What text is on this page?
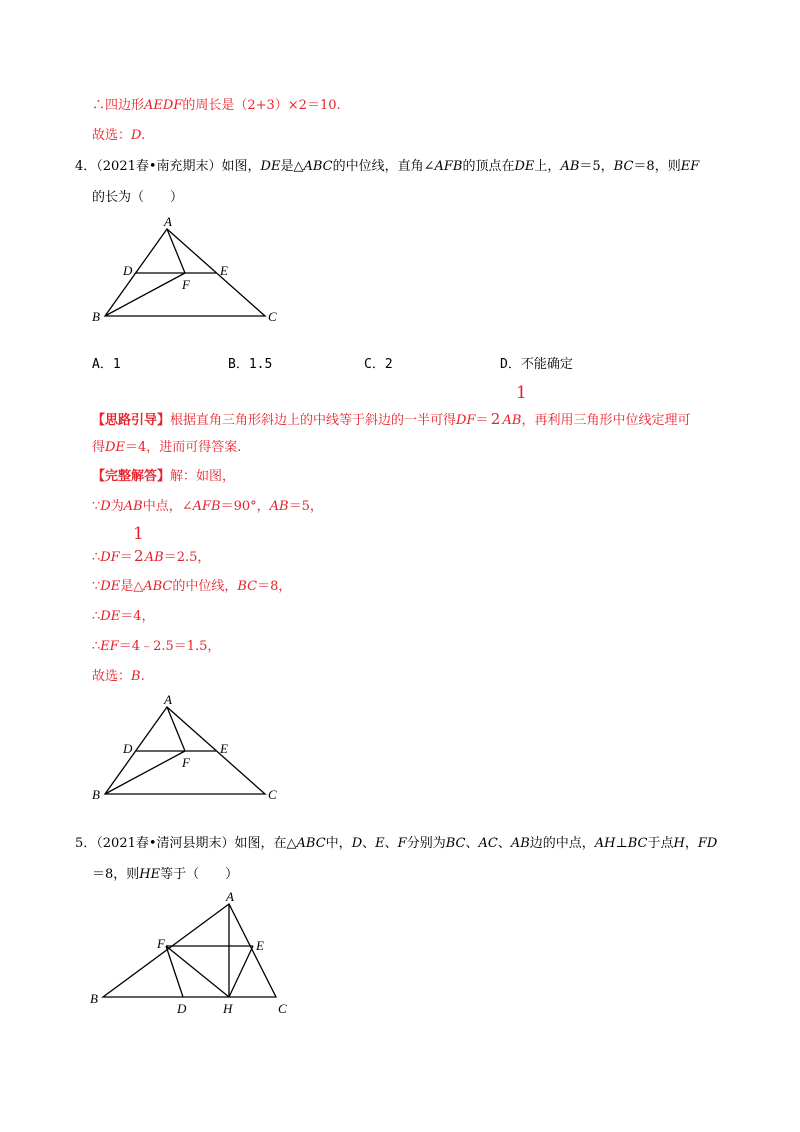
∴四边形AEDF的周长是（2+3）×2＝10.
故选：D.
4．（2021春•南充期末）如图，DE是△ABC的中位线，直角∠AFB的顶点在DE上，AB＝5，BC＝8，则EF
的长为（　　）
A
B	C
D	E
F
A．1	B．1.5	C．2	D．不能确定
1
【思路引导】根据直角三角形斜边上的中线等于斜边的一半可得DF＝ 2 AB，再利用三角形中位线定理可
得DE＝4，进而可得答案.
【完整解答】解：如图，
∵D为AB中点，∠AFB＝90°，AB＝5，
1
∴DF＝2AB＝2.5，
∵DE是△ABC的中位线，BC＝8，
∴DE＝4，
∴EF＝4﹣2.5＝1.5，
故选：B.
A
B	C
D	E
F
5．（2021春•清河县期末）如图，在△ABC中，D、E、F分别为BC、AC、AB边的中点，AH⊥BC于点H，FD
＝8，则HE等于（　　）
A
B
C
D
E
F
H
